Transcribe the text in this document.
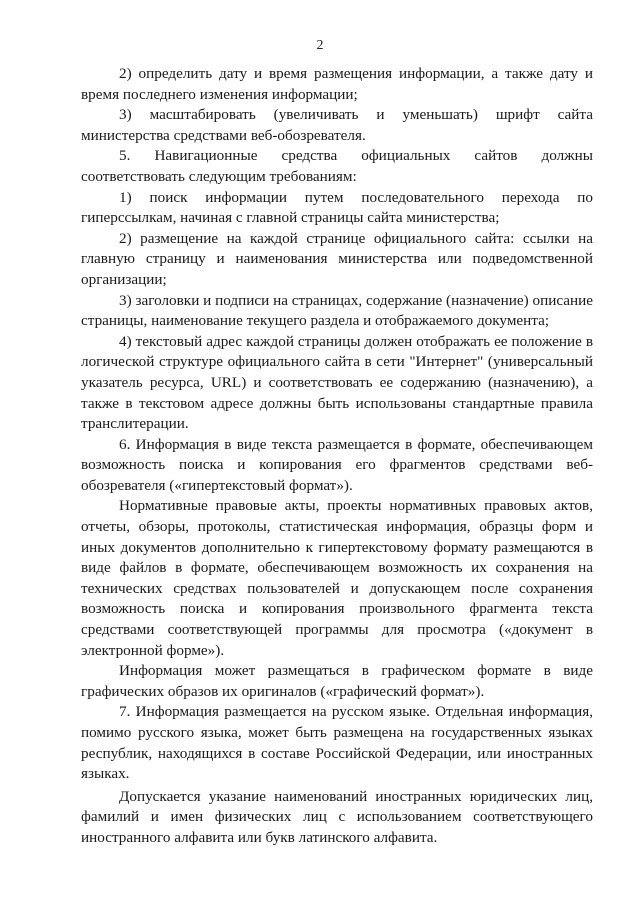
2

2) определить дату и время размещения информации, а также дату и время последнего изменения информации;

3) масштабировать (увеличивать и уменьшать) шрифт сайта министерства средствами веб-обозревателя.

5. Навигационные средства официальных сайтов должны соответствовать следующим требованиям:

1) поиск информации путем последовательного перехода по гиперссылкам, начиная с главной страницы сайта министерства;

2) размещение на каждой странице официального сайта: ссылки на главную страницу и наименования министерства или подведомственной организации;

3) заголовки и подписи на страницах, содержание (назначение) описание страницы, наименование текущего раздела и отображаемого документа;

4) текстовый адрес каждой страницы должен отображать ее положение в логической структуре официального сайта в сети "Интернет" (универсальный указатель ресурса, URL) и соответствовать ее содержанию (назначению), а также в текстовом адресе должны быть использованы стандартные правила транслитерации.

6. Информация в виде текста размещается в формате, обеспечивающем возможность поиска и копирования его фрагментов средствами веб-обозревателя («гипертекстовый формат»).

Нормативные правовые акты, проекты нормативных правовых актов, отчеты, обзоры, протоколы, статистическая информация, образцы форм и иных документов дополнительно к гипертекстовому формату размещаются в виде файлов в формате, обеспечивающем возможность их сохранения на технических средствах пользователей и допускающем после сохранения возможность поиска и копирования произвольного фрагмента текста средствами соответствующей программы для просмотра («документ в электронной форме»).

Информация может размещаться в графическом формате в виде графических образов их оригиналов («графический формат»).

7. Информация размещается на русском языке. Отдельная информация, помимо русского языка, может быть размещена на государственных языках республик, находящихся в составе Российской Федерации, или иностранных языках.

Допускается указание наименований иностранных юридических лиц, фамилий и имен физических лиц с использованием соответствующего иностранного алфавита или букв латинского алфавита.
